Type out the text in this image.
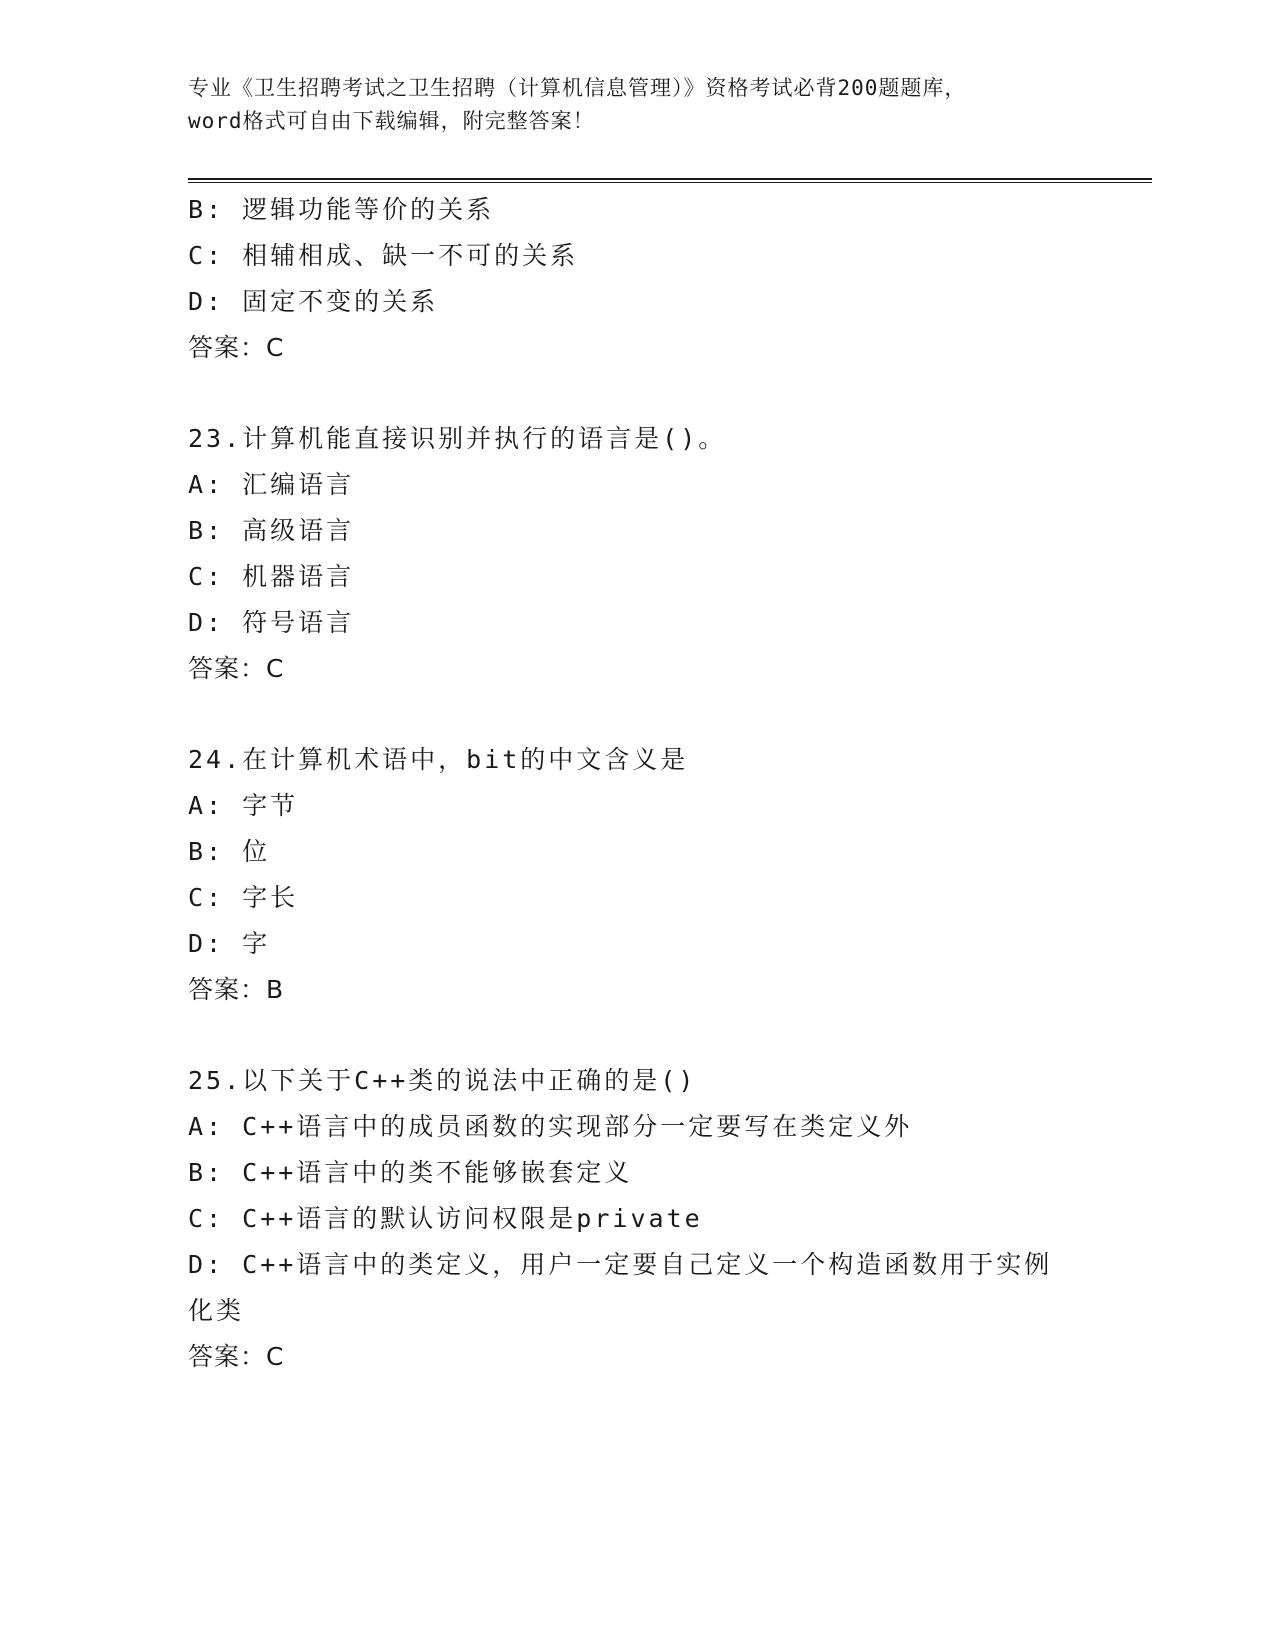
专业《卫生招聘考试之卫生招聘（计算机信息管理）》资格考试必背200题题库，
word格式可自由下载编辑，附完整答案！
B: 逻辑功能等价的关系
C: 相辅相成、缺一不可的关系
D: 固定不变的关系
答案：C
23.计算机能直接识别并执行的语言是()。
A: 汇编语言
B: 高级语言
C: 机器语言
D: 符号语言
答案：C
24.在计算机术语中，bit的中文含义是
A: 字节
B: 位
C: 字长
D: 字
答案：B
25.以下关于C++类的说法中正确的是()
A: C++语言中的成员函数的实现部分一定要写在类定义外
B: C++语言中的类不能够嵌套定义
C: C++语言的默认访问权限是private
D: C++语言中的类定义，用户一定要自己定义一个构造函数用于实例
化类
答案：C
